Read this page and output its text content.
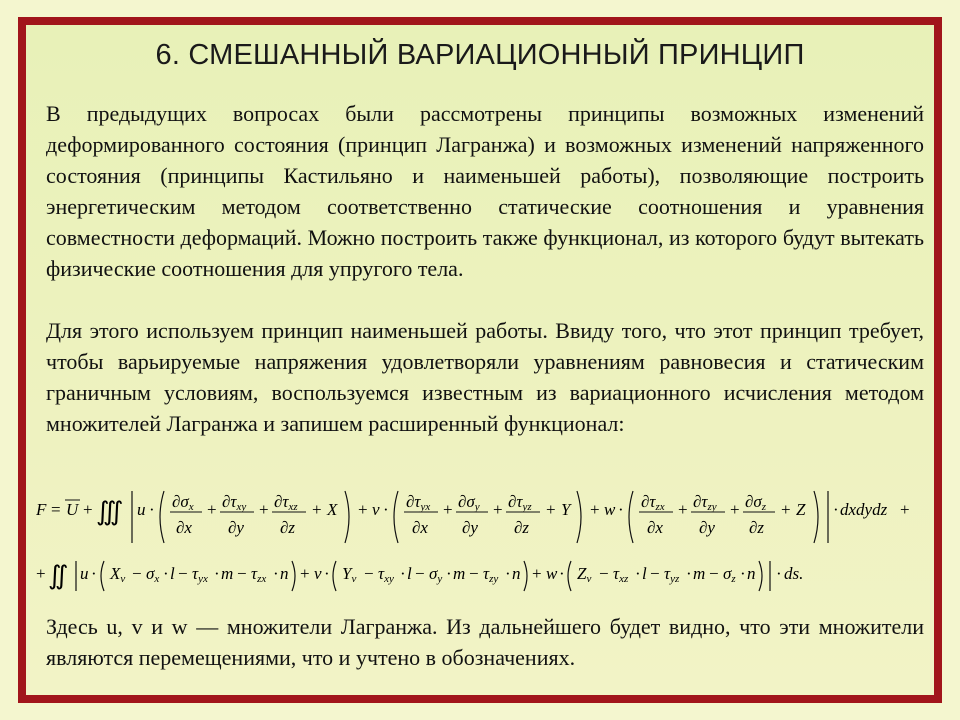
6. СМЕШАННЫЙ ВАРИАЦИОННЫЙ ПРИНЦИП

В предыдущих вопросах были рассмотрены принципы возможных изменений деформированного состояния (принцип Лагранжа) и возможных изменений напряженного состояния (принципы Кастильяно и наименьшей работы), позволяющие построить энергетическим методом соответственно статические соотношения и уравнения совместности деформаций. Можно построить также функционал, из которого будут вытекать физические соотношения для упругого тела.

Для этого используем принцип наименьшей работы. Ввиду того, что этот принцип требует, чтобы варьируемые напряжения удовлетворяли уравнениям равновесия и статическим граничным условиям, воспользуемся известным из вариационного исчисления методом множителей Лагранжа и запишем расширенный функционал:

F = U + ∭ u · ∂σx
∂x
+ ∂τxy
∂y
+ ∂τxz
∂z
+ X + v · ∂τyx
∂x
+ ∂σy
∂y
+ ∂τyz
∂z
+ Y + w · ∂τzx
∂x
+ ∂τzy
∂y
+ ∂σz
∂z
+ Z · dxdydz +
+ ∬ u · Xv − σx · l − τyx · m − τzx · n + v · Yv − τxy · l − σy · m − τzy · n + w · Zv − τxz · l − τyz · m − σz · n · ds.

Здесь u, v и w — множители Лагранжа. Из дальнейшего будет видно, что эти множители являются перемещениями, что и учтено в обозначениях.
